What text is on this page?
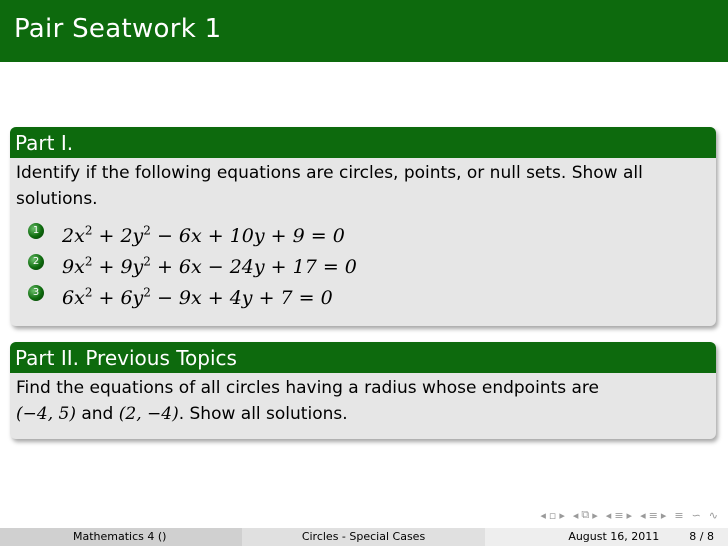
Pair Seatwork 1
Part I.
Identify if the following equations are circles, points, or null sets. Show all solutions.
1 $2x^2 + 2y^2 - 6x + 10y + 9 = 0$
2 $9x^2 + 9y^2 + 6x - 24y + 17 = 0$
3 $6x^2 + 6y^2 - 9x + 4y + 7 = 0$
Part II. Previous Topics
Find the equations of all circles having a radius whose endpoints are
(−4, 5) and (2, −4). Show all solutions.
◂ ▫ ▸ ◂ ⧉ ▸ ◂ ≡ ▸ ◂ ≡ ▸ ≡ ∽ ∿
Mathematics 4 ()	Circles - Special Cases	August 16, 2011	8 / 8
